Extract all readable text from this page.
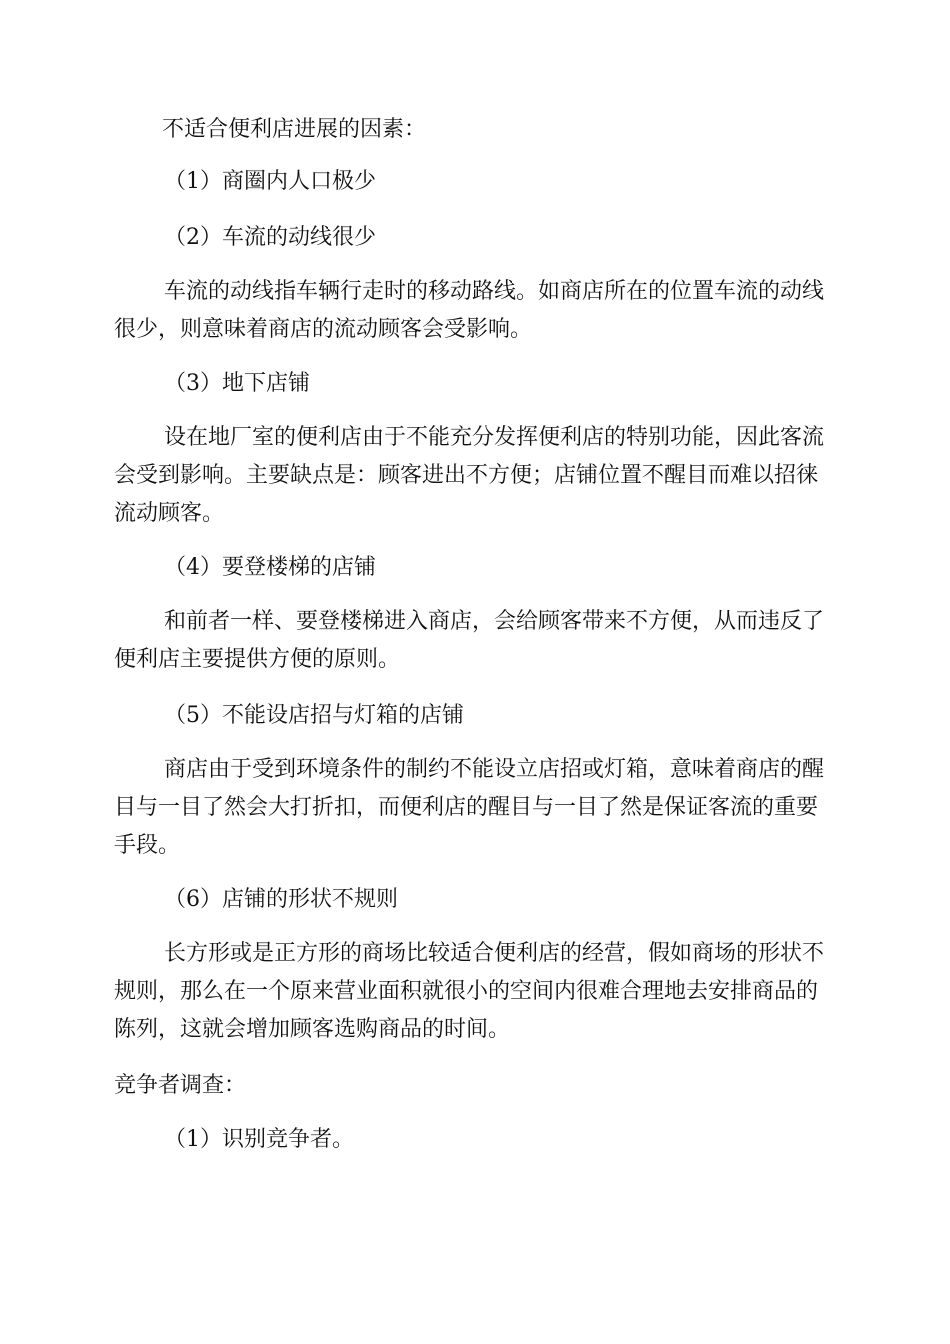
不适合便利店进展的因素：
（1）商圈内人口极少
（2）车流的动线很少
车流的动线指车辆行走时的移动路线。如商店所在的位置车流的动线
很少，则意味着商店的流动顾客会受影响。
（3）地下店铺
设在地厂室的便利店由于不能充分发挥便利店的特别功能，因此客流
会受到影响。主要缺点是：顾客进出不方便；店铺位置不醒目而难以招徕
流动顾客。
（4）要登楼梯的店铺
和前者一样、要登楼梯进入商店，会给顾客带来不方便，从而违反了
便利店主要提供方便的原则。
（5）不能设店招与灯箱的店铺
商店由于受到环境条件的制约不能设立店招或灯箱，意味着商店的醒
目与一目了然会大打折扣，而便利店的醒目与一目了然是保证客流的重要
手段。
（6）店铺的形状不规则
长方形或是正方形的商场比较适合便利店的经营，假如商场的形状不
规则，那么在一个原来营业面积就很小的空间内很难合理地去安排商品的
陈列，这就会增加顾客选购商品的时间。
竞争者调查：
（1）识别竞争者。
